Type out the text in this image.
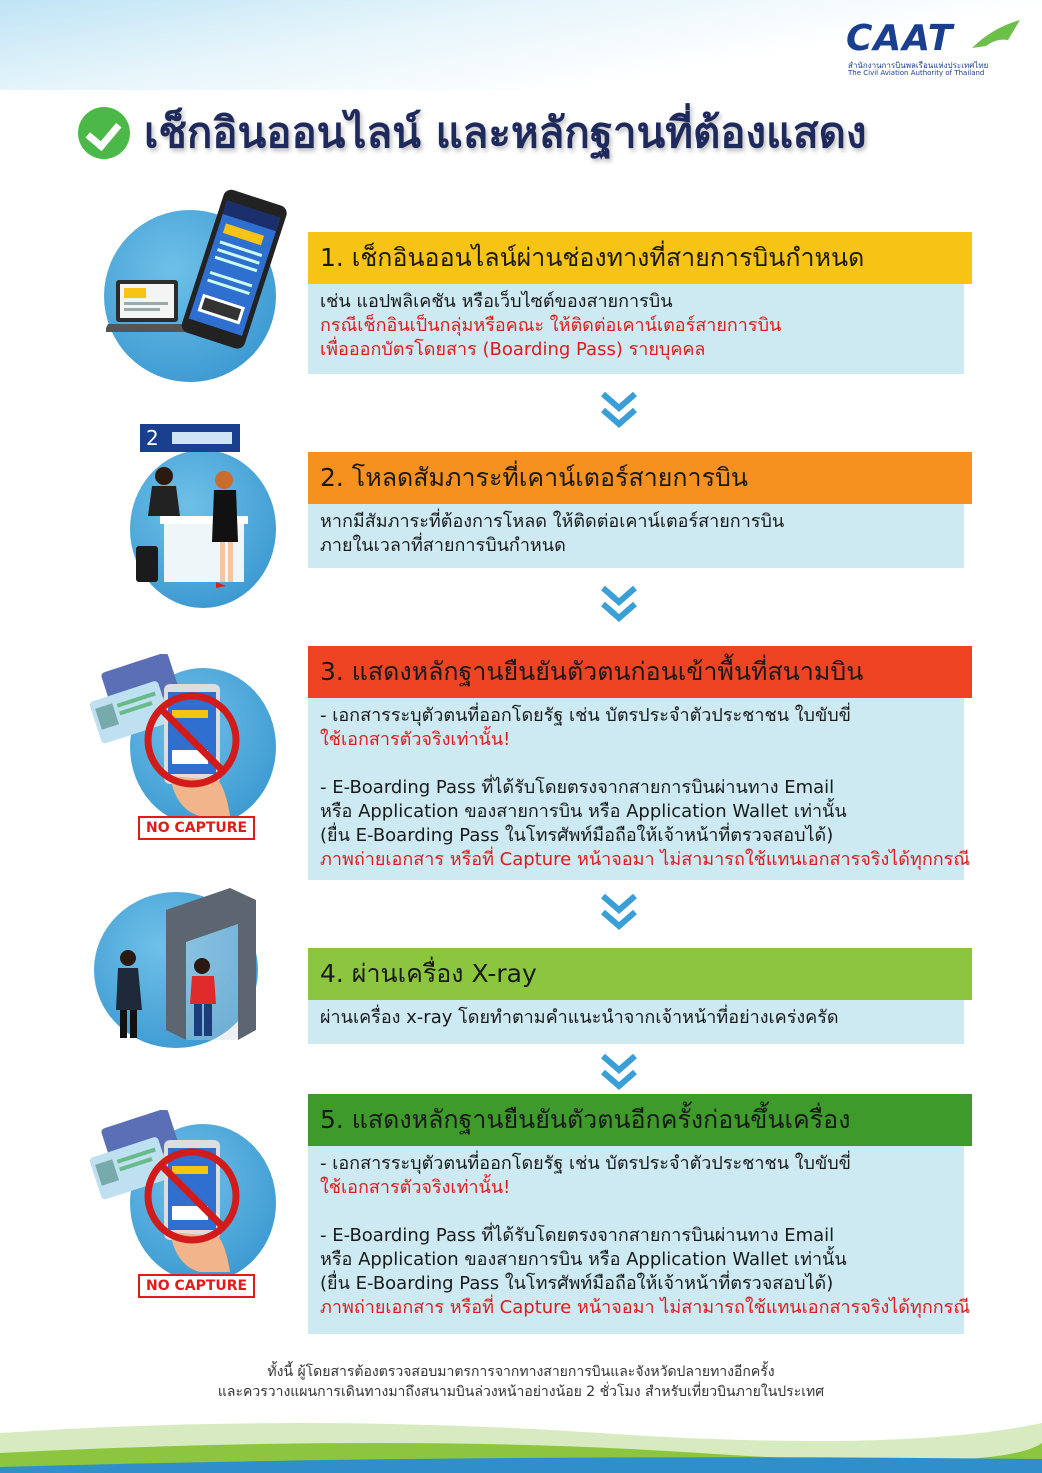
CAAT
สำนักงานการบินพลเรือนแห่งประเทศไทย
The Civil Aviation Authority of Thailand
เช็กอินออนไลน์ และหลักฐานที่ต้องแสดง
2
NO CAPTURE
NO CAPTURE
1. เช็กอินออนไลน์ผ่านช่องทางที่สายการบินกำหนด
เช่น แอปพลิเคชัน หรือเว็บไซต์ของสายการบิน
กรณีเช็กอินเป็นกลุ่มหรือคณะ ให้ติดต่อเคาน์เตอร์สายการบิน
เพื่อออกบัตรโดยสาร (Boarding Pass) รายบุคคล
2. โหลดสัมภาระที่เคาน์เตอร์สายการบิน
หากมีสัมภาระที่ต้องการโหลด ให้ติดต่อเคาน์เตอร์สายการบิน
ภายในเวลาที่สายการบินกำหนด
3. แสดงหลักฐานยืนยันตัวตนก่อนเข้าพื้นที่สนามบิน
- เอกสารระบุตัวตนที่ออกโดยรัฐ เช่น บัตรประจำตัวประชาชน ใบขับขี่
ใช้เอกสารตัวจริงเท่านั้น!
- E-Boarding Pass ที่ได้รับโดยตรงจากสายการบินผ่านทาง Email
หรือ Application ของสายการบิน หรือ Application Wallet เท่านั้น
(ยื่น E-Boarding Pass ในโทรศัพท์มือถือให้เจ้าหน้าที่ตรวจสอบได้)
ภาพถ่ายเอกสาร หรือที่ Capture หน้าจอมา ไม่สามารถใช้แทนเอกสารจริงได้ทุกกรณี
4. ผ่านเครื่อง X-ray
ผ่านเครื่อง x-ray โดยทำตามคำแนะนำจากเจ้าหน้าที่อย่างเคร่งครัด
5. แสดงหลักฐานยืนยันตัวตนอีกครั้งก่อนขึ้นเครื่อง
- เอกสารระบุตัวตนที่ออกโดยรัฐ เช่น บัตรประจำตัวประชาชน ใบขับขี่
ใช้เอกสารตัวจริงเท่านั้น!
- E-Boarding Pass ที่ได้รับโดยตรงจากสายการบินผ่านทาง Email
หรือ Application ของสายการบิน หรือ Application Wallet เท่านั้น
(ยื่น E-Boarding Pass ในโทรศัพท์มือถือให้เจ้าหน้าที่ตรวจสอบได้)
ภาพถ่ายเอกสาร หรือที่ Capture หน้าจอมา ไม่สามารถใช้แทนเอกสารจริงได้ทุกกรณี
ทั้งนี้ ผู้โดยสารต้องตรวจสอบมาตรการจากทางสายการบินและจังหวัดปลายทางอีกครั้ง
และควรวางแผนการเดินทางมาถึงสนามบินล่วงหน้าอย่างน้อย 2 ชั่วโมง สำหรับเที่ยวบินภายในประเทศ
